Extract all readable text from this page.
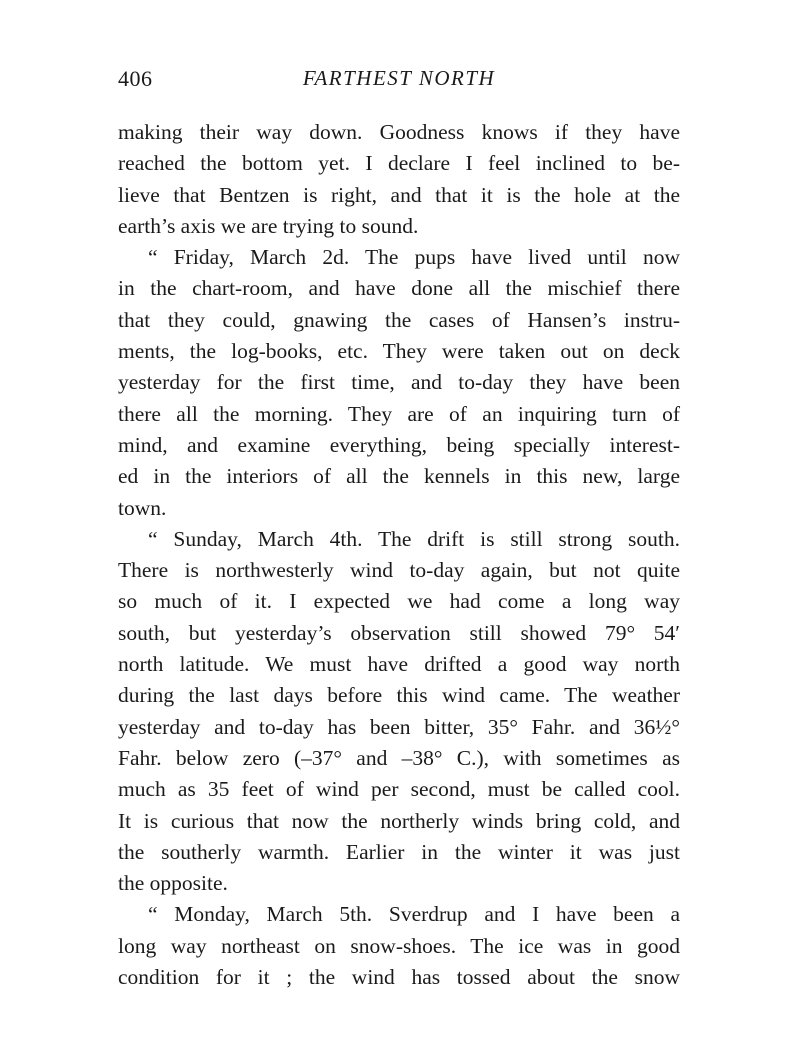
406	FARTHEST NORTH
making their way down. Goodness knows if they have
reached the bottom yet. I declare I feel inclined to be-
lieve that Bentzen is right, and that it is the hole at the
earth’s axis we are trying to sound.
“ Friday, March 2d. The pups have lived until now
in the chart-room, and have done all the mischief there
that they could, gnawing the cases of Hansen’s instru-
ments, the log-books, etc. They were taken out on deck
yesterday for the first time, and to-day they have been
there all the morning. They are of an inquiring turn of
mind, and examine everything, being specially interest-
ed in the interiors of all the kennels in this new, large
town.
“ Sunday, March 4th. The drift is still strong south.
There is northwesterly wind to-day again, but not quite
so much of it. I expected we had come a long way
south, but yesterday’s observation still showed 79° 54′
north latitude. We must have drifted a good way north
during the last days before this wind came. The weather
yesterday and to-day has been bitter, 35° Fahr. and 36½°
Fahr. below zero (–37° and –38° C.), with sometimes as
much as 35 feet of wind per second, must be called cool.
It is curious that now the northerly winds bring cold, and
the southerly warmth. Earlier in the winter it was just
the opposite.
“ Monday, March 5th. Sverdrup and I have been a
long way northeast on snow-shoes. The ice was in good
condition for it ; the wind has tossed about the snow
